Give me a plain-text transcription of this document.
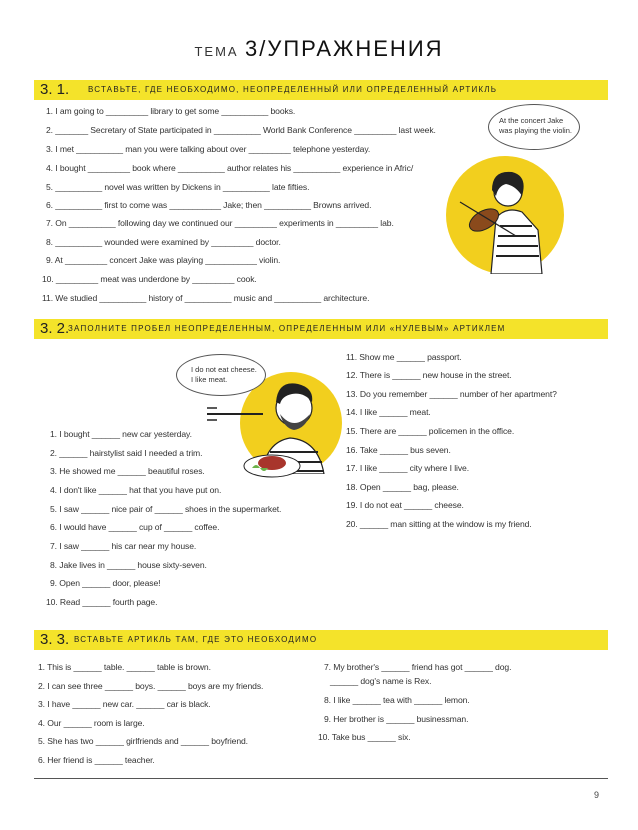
ТЕМА 3/УПРАЖНЕНИЯ
3. 1. ВСТАВЬТЕ, ГДЕ НЕОБХОДИМО, НЕОПРЕДЕЛЕННЫЙ ИЛИ ОПРЕДЕЛЕННЫЙ АРТИКЛЬ
1. I am going to _________ library to get some __________ books.
2. _______ Secretary of State participated in __________ World Bank Conference _________ last week.
3. I met __________ man you were talking about over _________ telephone yesterday.
4. I bought _________ book where __________ author relates his __________ experience in Afric/
5. __________ novel was written by Dickens in __________ late fifties.
6. __________ first to come was ___________ Jake; then __________ Browns arrived.
7. On __________ following day we continued our _________ experiments in _________ lab.
8. __________ wounded were examined by _________ doctor.
9. At _________ concert Jake was playing ___________ violin.
10. _________ meat was underdone by _________ cook.
11. We studied __________ history of __________ music and __________ architecture.
At the concert Jake was playing the violin.
3. 2.
ЗАПОЛНИТЕ ПРОБЕЛ НЕОПРЕДЕЛЕННЫМ, ОПРЕДЕЛЕННЫМ ИЛИ «НУЛЕВЫМ» АРТИКЛЕМ
1. I bought ______ new car yesterday.
2. ______ hairstylist said I needed a trim.
3. He showed me ______ beautiful roses.
4. I don't like ______ hat that you have put on.
5. I saw ______ nice pair of ______ shoes in the supermarket.
6. I would have ______ cup of ______ coffee.
7. I saw ______ his car near my house.
8. Jake lives in ______ house sixty-seven.
9. Open ______ door, please!
10. Read ______ fourth page.
11. Show me ______ passport.
12. There is ______ new house in the street.
13. Do you remember ______ number of her apartment?
14. I like ______ meat.
15. There are ______ policemen in the office.
16. Take ______ bus seven.
17. I like ______ city where I live.
18. Open ______ bag, please.
19. I do not eat ______ cheese.
20. ______ man sitting at the window is my friend.
I do not eat cheese. I like meat.
3. 3. ВСТАВЬТЕ АРТИКЛЬ ТАМ, ГДЕ ЭТО НЕОБХОДИМО
1. This is ______ table. ______ table is brown.
2. I can see three ______ boys. ______ boys are my friends.
3. I have ______ new car. ______ car is black.
4. Our ______ room is large.
5. She has two ______ girlfriends and ______ boyfriend.
6. Her friend is ______ teacher.
7. My brother's ______ friend has got ______ dog.
______ dog's name is Rex.
8. I like ______ tea with ______ lemon.
9. Her brother is ______ businessman.
10. Take bus ______ six.
9
